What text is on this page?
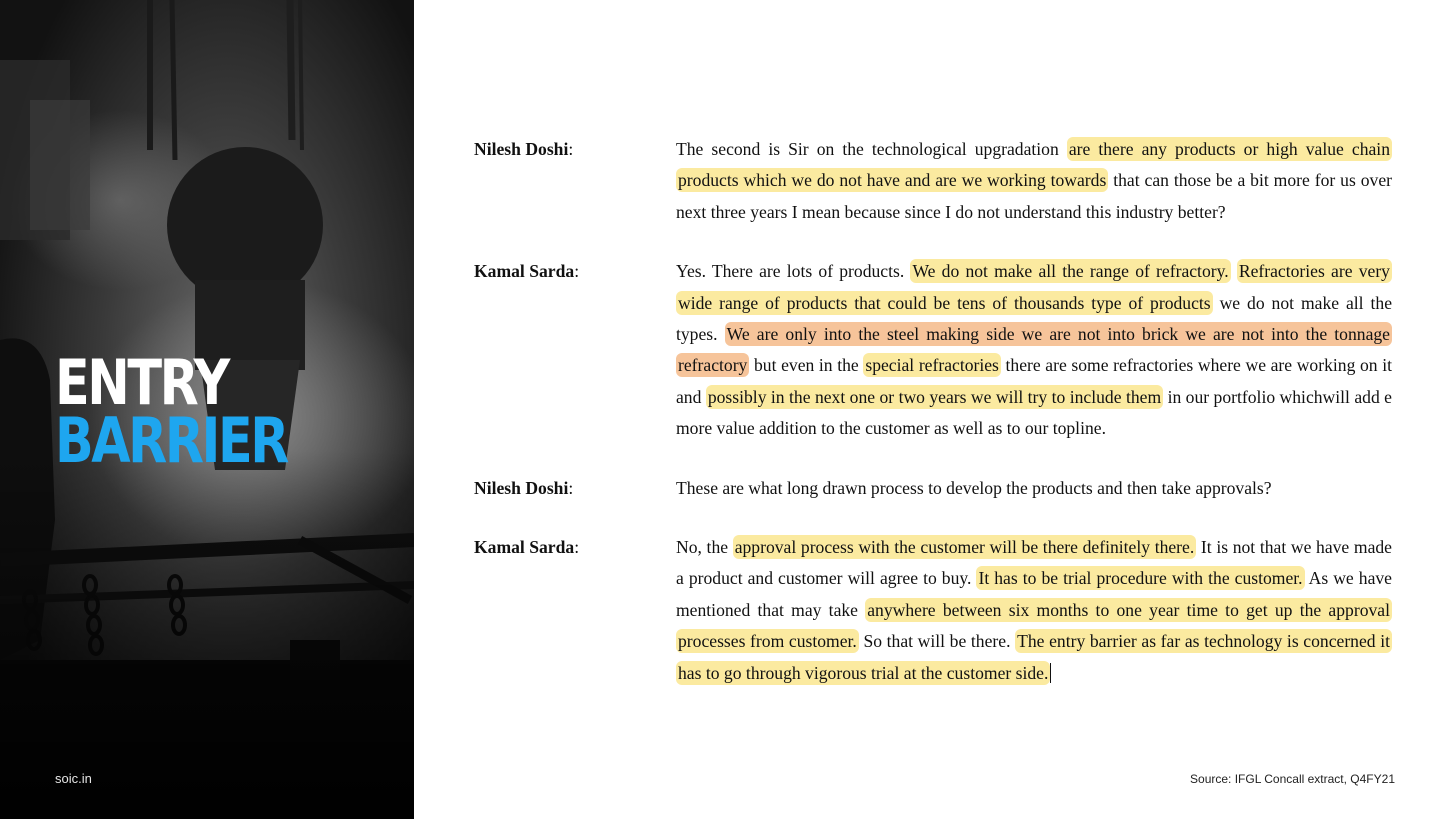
ENTRY
BARRIER
soic.in
Nilesh Doshi:	The second is Sir on the technological upgradation are there any products or high value chain products which we do not have and are we working towards that can those be a bit more for us over next three years I mean because since I do not understand this industry better?
Kamal Sarda:	Yes. There are lots of products. We do not make all the range of refractory. Refractories are very wide range of products that could be tens of thousands type of products we do not make all the types. We are only into the steel making side we are not into brick we are not into the tonnage refractory but even in the special refractories there are some refractories where we are working on it and possibly in the next one or two years we will try to include them in our portfolio whichwill add e more value addition to the customer as well as to our topline.
Nilesh Doshi:	These are what long drawn process to develop the products and then take approvals?
Kamal Sarda:	No, the approval process with the customer will be there definitely there. It is not that we have made a product and customer will agree to buy. It has to be trial procedure with the customer. As we have mentioned that may take anywhere between six months to one year time to get up the approval processes from customer. So that will be there. The entry barrier as far as technology is concerned it has to go through vigorous trial at the customer side.
Source: IFGL Concall extract, Q4FY21
